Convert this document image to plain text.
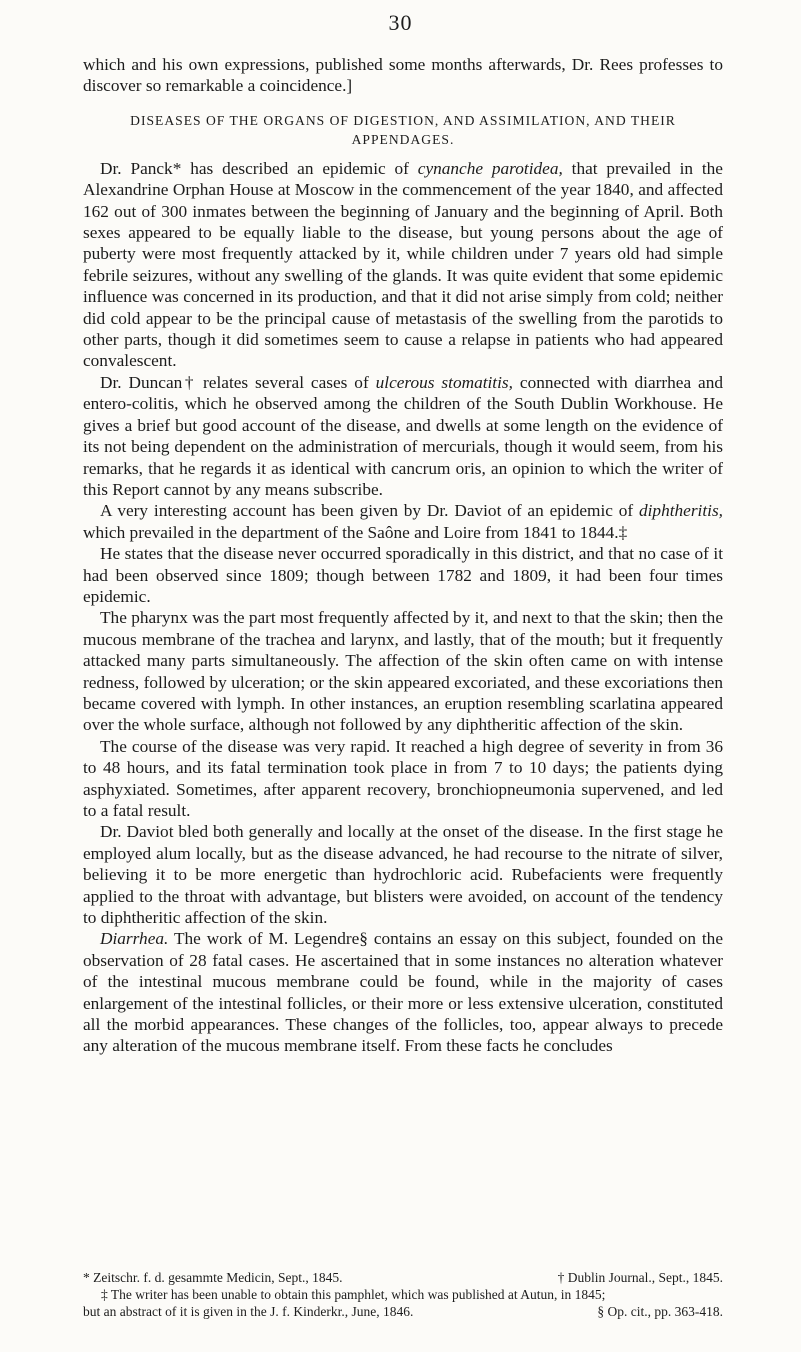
30

which and his own expressions, published some months afterwards, Dr. Rees professes to discover so remarkable a coincidence.]

DISEASES OF THE ORGANS OF DIGESTION, AND ASSIMILATION, AND THEIR APPENDAGES.

Dr. Panck* has described an epidemic of cynanche parotidea, that prevailed in the Alexandrine Orphan House at Moscow in the commencement of the year 1840, and affected 162 out of 300 inmates between the beginning of January and the beginning of April. Both sexes appeared to be equally liable to the disease, but young persons about the age of puberty were most frequently attacked by it, while children under 7 years old had simple febrile seizures, without any swelling of the glands. It was quite evident that some epidemic influence was concerned in its production, and that it did not arise simply from cold; neither did cold appear to be the principal cause of metastasis of the swelling from the parotids to other parts, though it did sometimes seem to cause a relapse in patients who had appeared convalescent.

Dr. Duncan† relates several cases of ulcerous stomatitis, connected with diarrhea and entero-colitis, which he observed among the children of the South Dublin Workhouse. He gives a brief but good account of the disease, and dwells at some length on the evidence of its not being dependent on the administration of mercurials, though it would seem, from his remarks, that he regards it as identical with cancrum oris, an opinion to which the writer of this Report cannot by any means subscribe.

A very interesting account has been given by Dr. Daviot of an epidemic of diphtheritis, which prevailed in the department of the Saône and Loire from 1841 to 1844.‡

He states that the disease never occurred sporadically in this district, and that no case of it had been observed since 1809; though between 1782 and 1809, it had been four times epidemic.

The pharynx was the part most frequently affected by it, and next to that the skin; then the mucous membrane of the trachea and larynx, and lastly, that of the mouth; but it frequently attacked many parts simultaneously. The affection of the skin often came on with intense redness, followed by ulceration; or the skin appeared excoriated, and these excoriations then became covered with lymph. In other instances, an eruption resembling scarlatina appeared over the whole surface, although not followed by any diphtheritic affection of the skin.

The course of the disease was very rapid. It reached a high degree of severity in from 36 to 48 hours, and its fatal termination took place in from 7 to 10 days; the patients dying asphyxiated. Sometimes, after apparent recovery, bronchiopneumonia supervened, and led to a fatal result.

Dr. Daviot bled both generally and locally at the onset of the disease. In the first stage he employed alum locally, but as the disease advanced, he had recourse to the nitrate of silver, believing it to be more energetic than hydrochloric acid. Rubefacients were frequently applied to the throat with advantage, but blisters were avoided, on account of the tendency to diphtheritic affection of the skin.

Diarrhea. The work of M. Legendre§ contains an essay on this subject, founded on the observation of 28 fatal cases. He ascertained that in some instances no alteration whatever of the intestinal mucous membrane could be found, while in the majority of cases enlargement of the intestinal follicles, or their more or less extensive ulceration, constituted all the morbid appearances. These changes of the follicles, too, appear always to precede any alteration of the mucous membrane itself. From these facts he concludes

* Zeitschr. f. d. gesammte Medicin, Sept., 1845.	† Dublin Journal., Sept., 1845.
‡ The writer has been unable to obtain this pamphlet, which was published at Autun, in 1845;
but an abstract of it is given in the J. f. Kinderkr., June, 1846.	§ Op. cit., pp. 363-418.
